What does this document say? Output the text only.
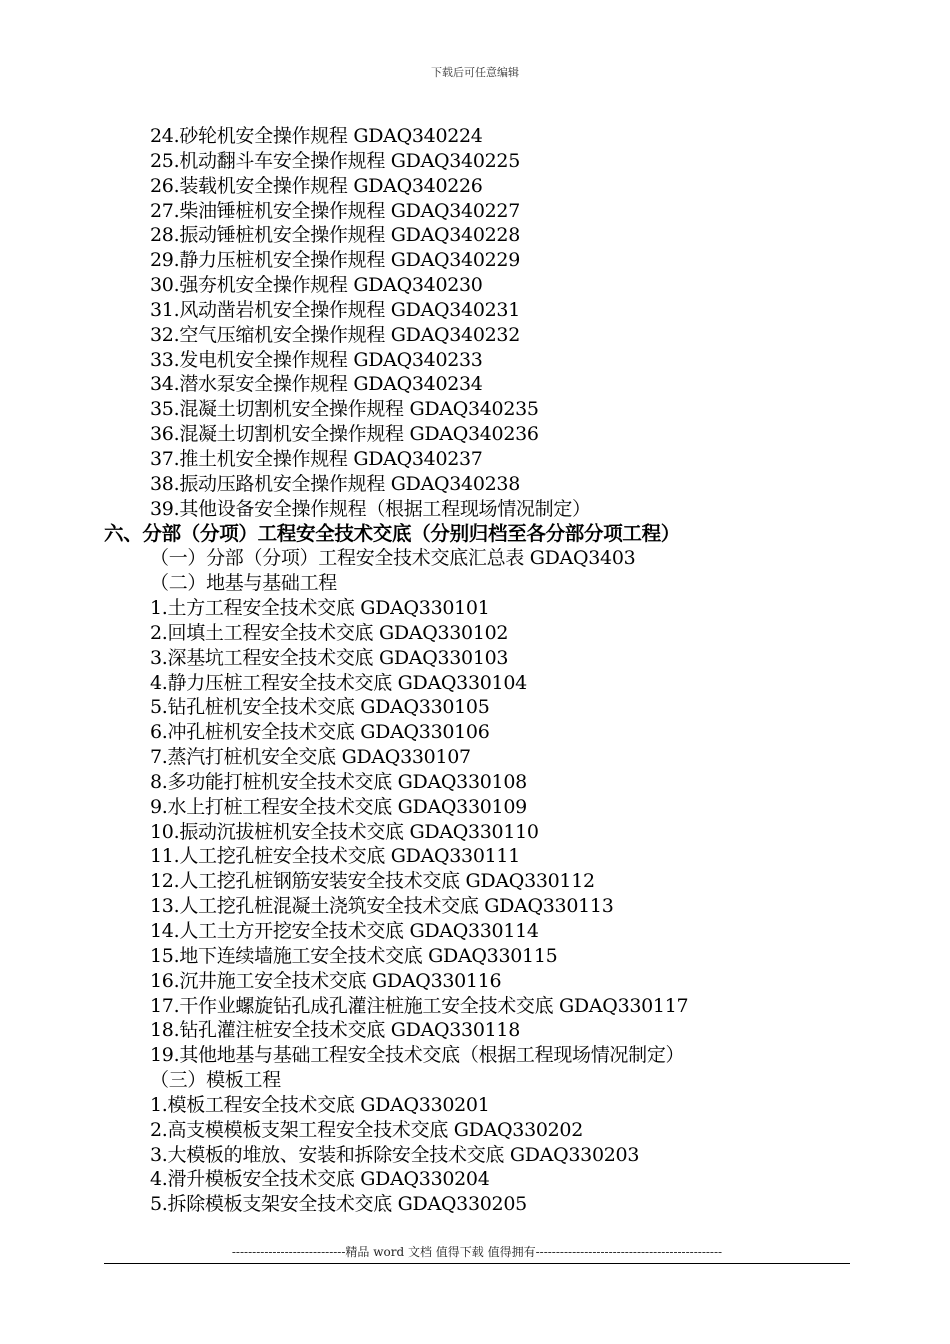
下载后可任意编辑
24.砂轮机安全操作规程 GDAQ340224
25.机动翻斗车安全操作规程 GDAQ340225
26.装载机安全操作规程 GDAQ340226
27.柴油锤桩机安全操作规程 GDAQ340227
28.振动锤桩机安全操作规程 GDAQ340228
29.静力压桩机安全操作规程 GDAQ340229
30.强夯机安全操作规程 GDAQ340230
31.风动凿岩机安全操作规程 GDAQ340231
32.空气压缩机安全操作规程 GDAQ340232
33.发电机安全操作规程 GDAQ340233
34.潜水泵安全操作规程 GDAQ340234
35.混凝土切割机安全操作规程 GDAQ340235
36.混凝土切割机安全操作规程 GDAQ340236
37.推土机安全操作规程 GDAQ340237
38.振动压路机安全操作规程 GDAQ340238
39.其他设备安全操作规程（根据工程现场情况制定）
六、分部（分项）工程安全技术交底（分别归档至各分部分项工程）
（一）分部（分项）工程安全技术交底汇总表 GDAQ3403
（二）地基与基础工程
1.土方工程安全技术交底 GDAQ330101
2.回填土工程安全技术交底 GDAQ330102
3.深基坑工程安全技术交底 GDAQ330103
4.静力压桩工程安全技术交底 GDAQ330104
5.钻孔桩机安全技术交底 GDAQ330105
6.冲孔桩机安全技术交底 GDAQ330106
7.蒸汽打桩机安全交底 GDAQ330107
8.多功能打桩机安全技术交底 GDAQ330108
9.水上打桩工程安全技术交底 GDAQ330109
10.振动沉拔桩机安全技术交底 GDAQ330110
11.人工挖孔桩安全技术交底 GDAQ330111
12.人工挖孔桩钢筋安装安全技术交底 GDAQ330112
13.人工挖孔桩混凝土浇筑安全技术交底 GDAQ330113
14.人工土方开挖安全技术交底 GDAQ330114
15.地下连续墙施工安全技术交底 GDAQ330115
16.沉井施工安全技术交底 GDAQ330116
17.干作业螺旋钻孔成孔灌注桩施工安全技术交底 GDAQ330117
18.钻孔灌注桩安全技术交底 GDAQ330118
19.其他地基与基础工程安全技术交底（根据工程现场情况制定）
（三）模板工程
1.模板工程安全技术交底 GDAQ330201
2.高支模模板支架工程安全技术交底 GDAQ330202
3.大模板的堆放、安装和拆除安全技术交底 GDAQ330203
4.滑升模板安全技术交底 GDAQ330204
5.拆除模板支架安全技术交底 GDAQ330205
----------------------------精品 word 文档 值得下载 值得拥有----------------------------------------------
